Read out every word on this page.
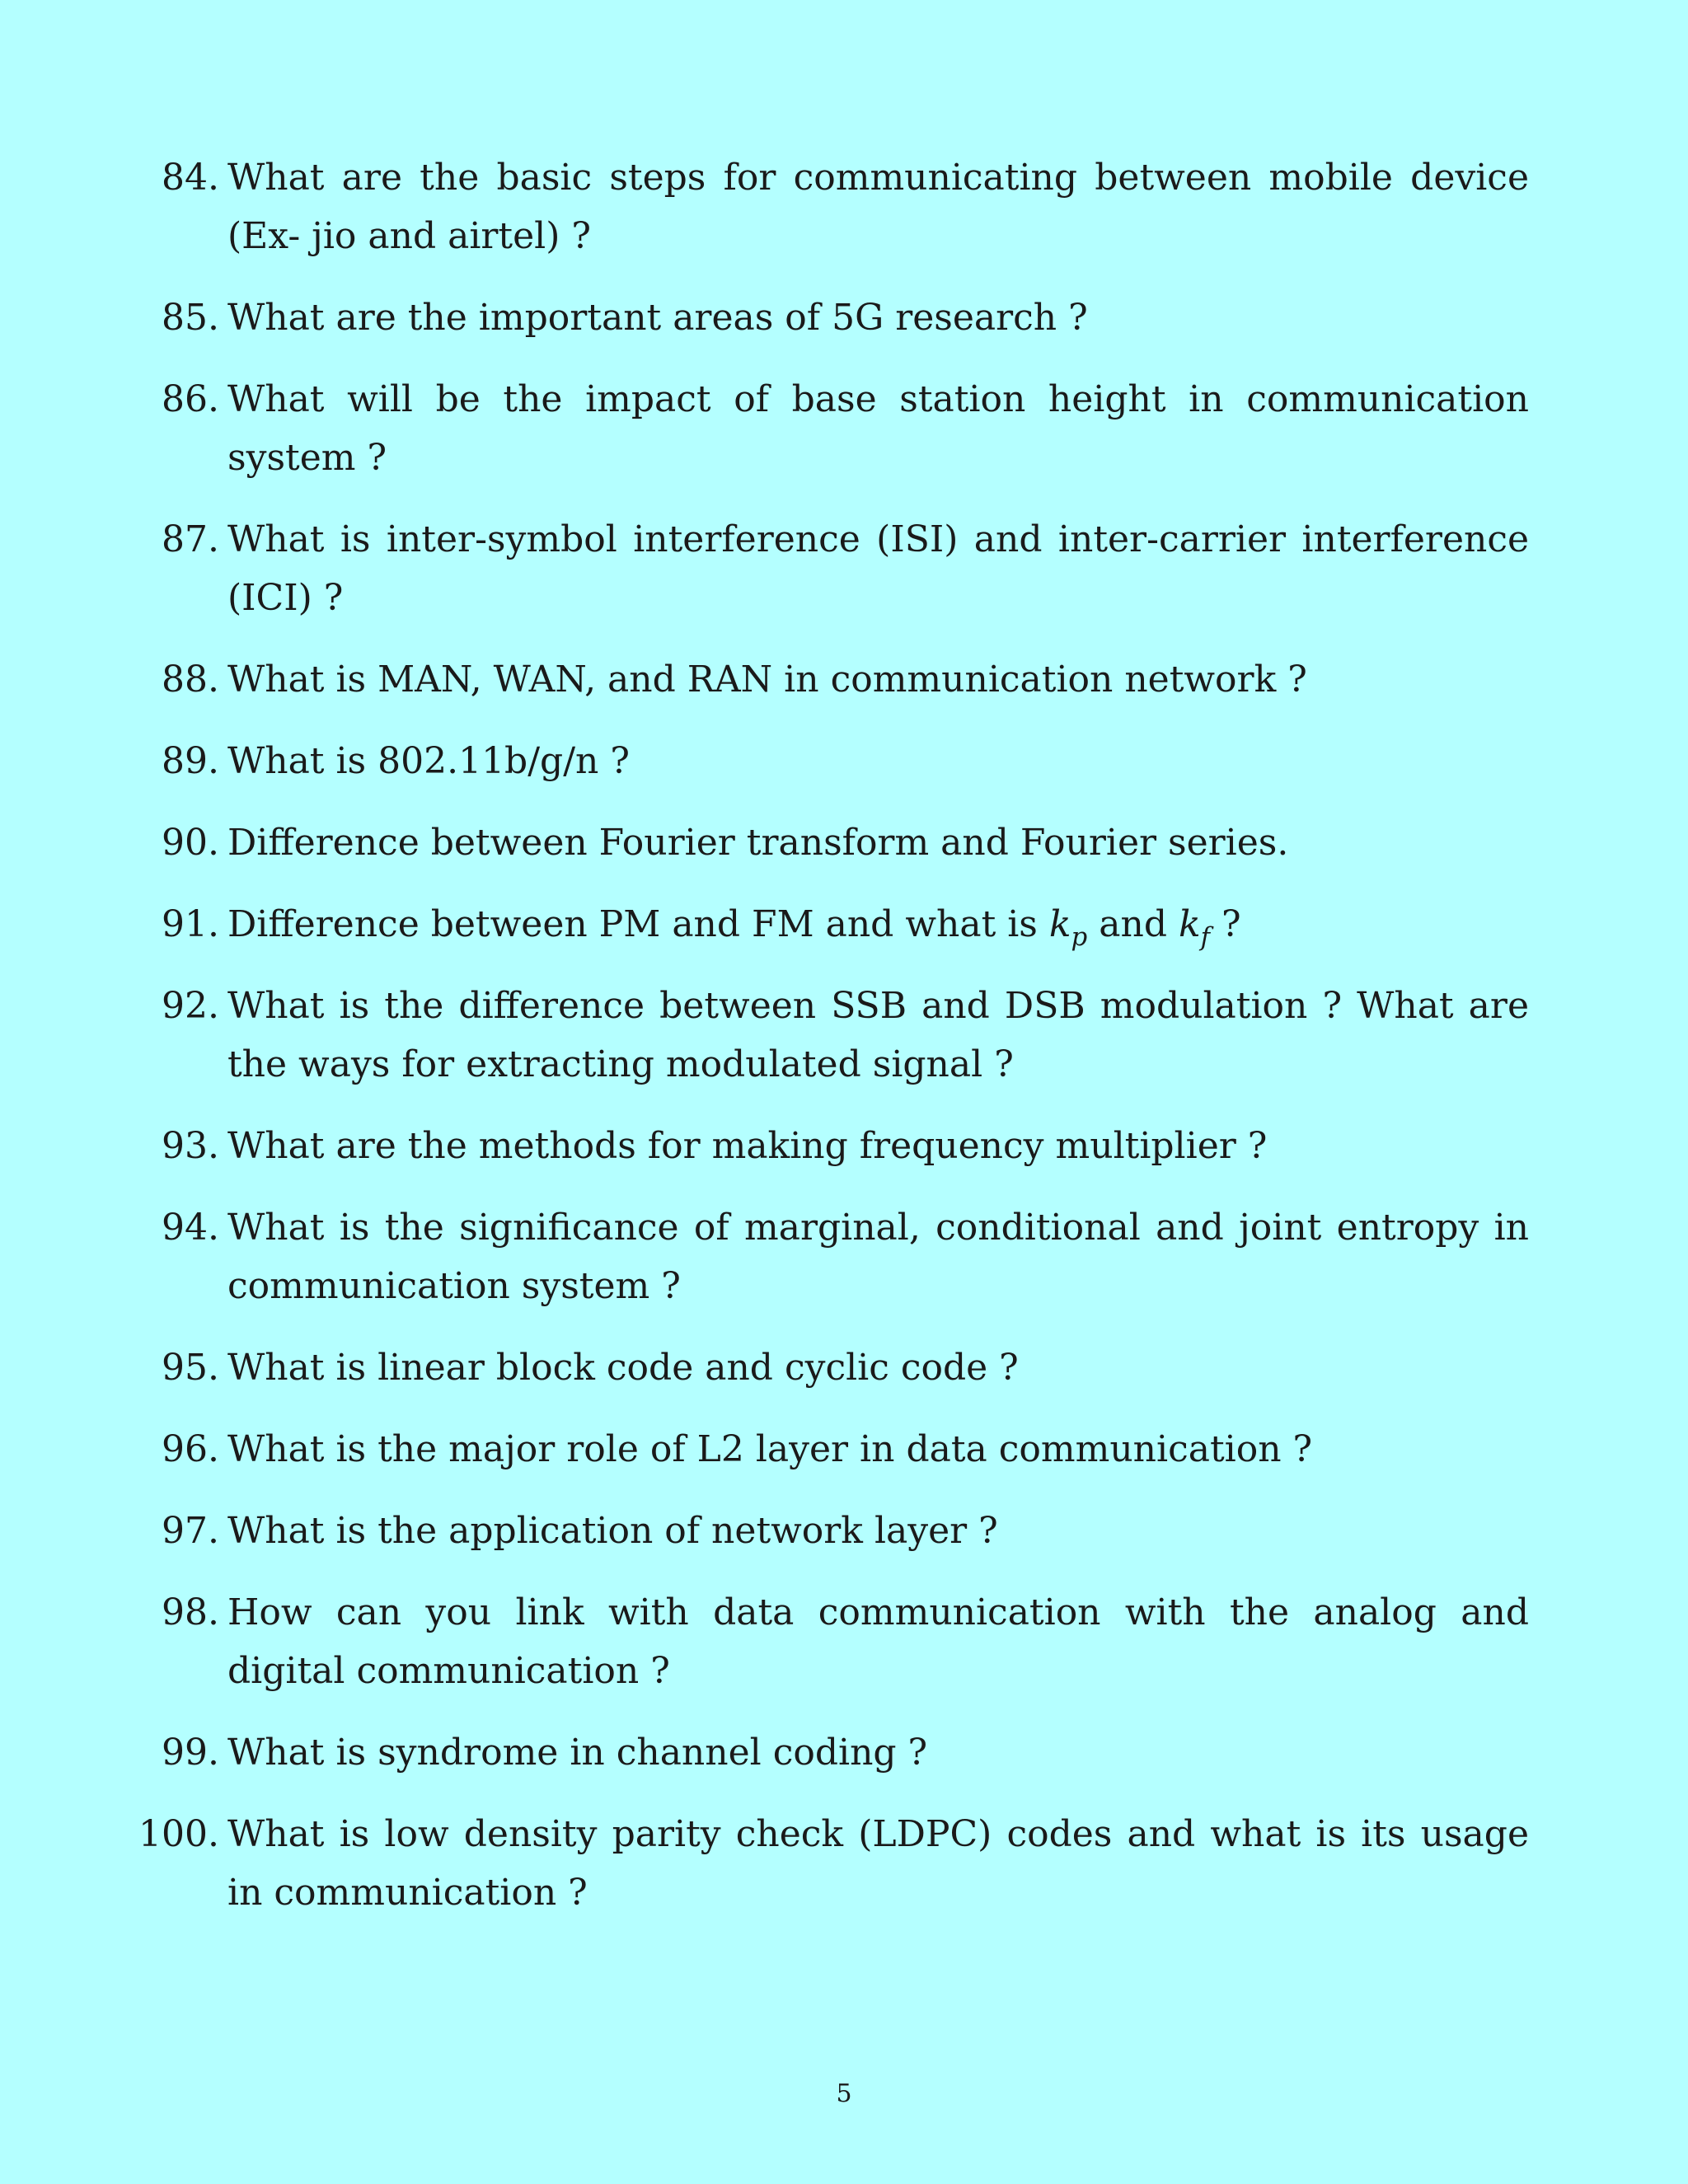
84. What are the basic steps for communicating between mobile device (Ex- jio and airtel) ?
85. What are the important areas of 5G research ?
86. What will be the impact of base station height in communication system ?
87. What is inter-symbol interference (ISI) and inter-carrier interference (ICI) ?
88. What is MAN, WAN, and RAN in communication network ?
89. What is 802.11b/g/n ?
90. Difference between Fourier transform and Fourier series.
91. Difference between PM and FM and what is $k_p$ and $k_f$ ?
92. What is the difference between SSB and DSB modulation ? What are the ways for extracting modulated signal ?
93. What are the methods for making frequency multiplier ?
94. What is the significance of marginal, conditional and joint entropy in communication system ?
95. What is linear block code and cyclic code ?
96. What is the major role of L2 layer in data communication ?
97. What is the application of network layer ?
98. How can you link with data communication with the analog and digital communication ?
99. What is syndrome in channel coding ?
100. What is low density parity check (LDPC) codes and what is its usage in communication ?
5
